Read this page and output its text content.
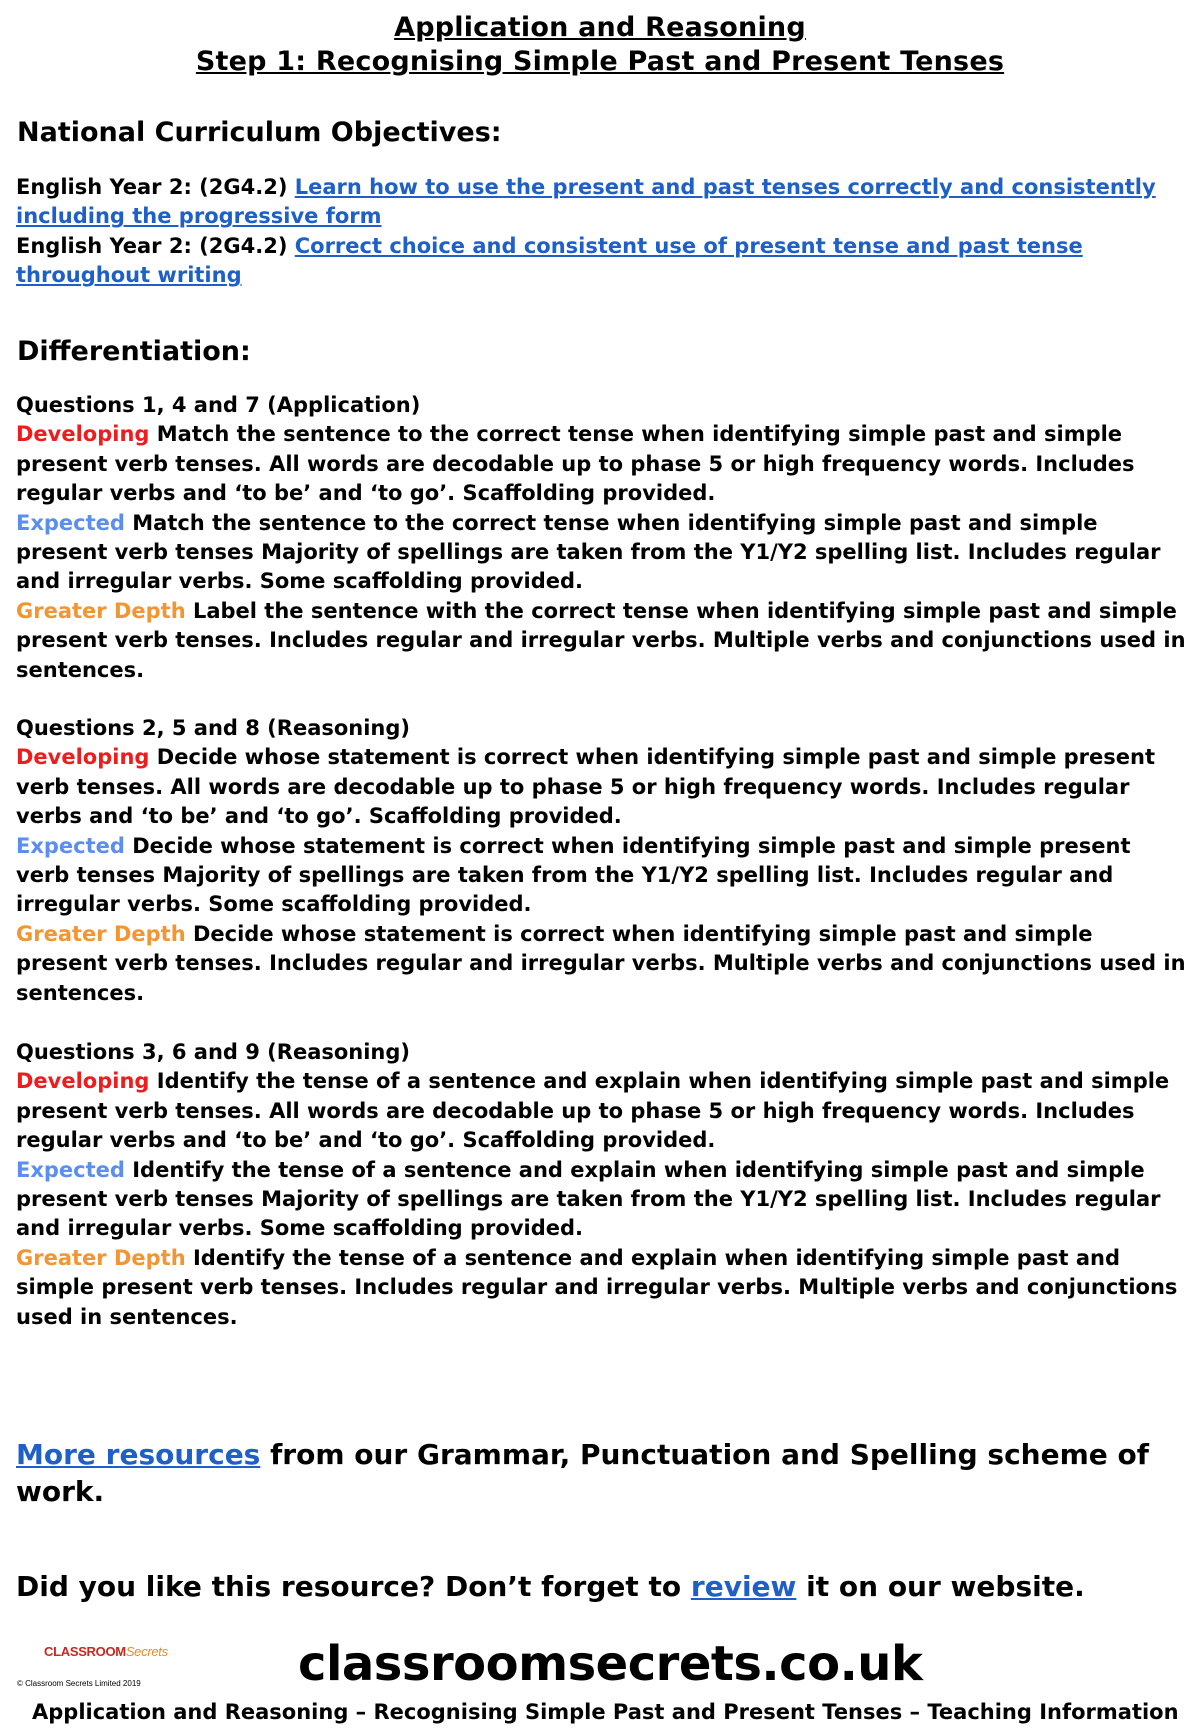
Application and Reasoning
Step 1: Recognising Simple Past and Present Tenses
National Curriculum Objectives:
English Year 2: (2G4.2) Learn how to use the present and past tenses correctly and consistently including the progressive form
English Year 2: (2G4.2) Correct choice and consistent use of present tense and past tense throughout writing
Differentiation:
Questions 1, 4 and 7 (Application)
Developing Match the sentence to the correct tense when identifying simple past and simple present verb tenses. All words are decodable up to phase 5 or high frequency words. Includes regular verbs and ‘to be’ and ‘to go’. Scaffolding provided.
Expected Match the sentence to the correct tense when identifying simple past and simple present verb tenses Majority of spellings are taken from the Y1/Y2 spelling list. Includes regular and irregular verbs. Some scaffolding provided.
Greater Depth Label the sentence with the correct tense when identifying simple past and simple present verb tenses. Includes regular and irregular verbs. Multiple verbs and conjunctions used in sentences.
Questions 2, 5 and 8 (Reasoning)
Developing Decide whose statement is correct when identifying simple past and simple present verb tenses. All words are decodable up to phase 5 or high frequency words. Includes regular verbs and ‘to be’ and ‘to go’. Scaffolding provided.
Expected Decide whose statement is correct when identifying simple past and simple present verb tenses Majority of spellings are taken from the Y1/Y2 spelling list. Includes regular and irregular verbs. Some scaffolding provided.
Greater Depth Decide whose statement is correct when identifying simple past and simple present verb tenses. Includes regular and irregular verbs. Multiple verbs and conjunctions used in sentences.
Questions 3, 6 and 9 (Reasoning)
Developing Identify the tense of a sentence and explain when identifying simple past and simple present verb tenses. All words are decodable up to phase 5 or high frequency words. Includes regular verbs and ‘to be’ and ‘to go’. Scaffolding provided.
Expected Identify the tense of a sentence and explain when identifying simple past and simple present verb tenses Majority of spellings are taken from the Y1/Y2 spelling list. Includes regular and irregular verbs. Some scaffolding provided.
Greater Depth Identify the tense of a sentence and explain when identifying simple past and simple present verb tenses. Includes regular and irregular verbs. Multiple verbs and conjunctions used in sentences.
More resources from our Grammar, Punctuation and Spelling scheme of work.
Did you like this resource? Don’t forget to review it on our website.
CLASSROOMSecrets
© Classroom Secrets Limited 2019	classroomsecrets.co.uk
Application and Reasoning – Recognising Simple Past and Present Tenses – Teaching Information
